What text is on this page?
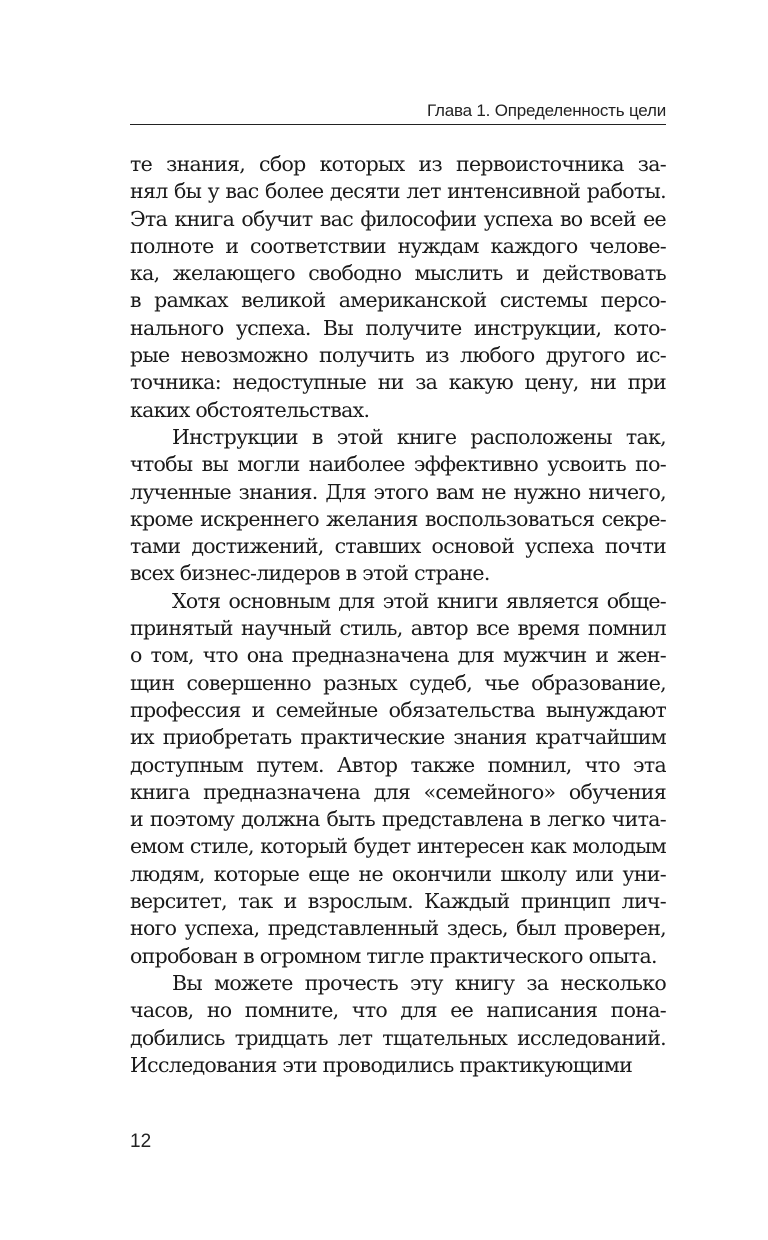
Глава 1. Определенность цели
те знания, сбор которых из первоисточника за-
нял бы у вас более десяти лет интенсивной работы.
Эта книга обучит вас философии успеха во всей ее
полноте и соответствии нуждам каждого челове-
ка, желающего свободно мыслить и действовать
в рамках великой американской системы персо-
нального успеха. Вы получите инструкции, кото-
рые невозможно получить из любого другого ис-
точника: недоступные ни за какую цену, ни при
каких обстоятельствах.
Инструкции в этой книге расположены так,
чтобы вы могли наиболее эффективно усвоить по-
лученные знания. Для этого вам не нужно ничего,
кроме искреннего желания воспользоваться секре-
тами достижений, ставших основой успеха почти
всех бизнес-лидеров в этой стране.
Хотя основным для этой книги является обще-
принятый научный стиль, автор все время помнил
о том, что она предназначена для мужчин и жен-
щин совершенно разных судеб, чье образование,
профессия и семейные обязательства вынуждают
их приобретать практические знания кратчайшим
доступным путем. Автор также помнил, что эта
книга предназначена для «семейного» обучения
и поэтому должна быть представлена в легко чита-
емом стиле, который будет интересен как молодым
людям, которые еще не окончили школу или уни-
верситет, так и взрослым. Каждый принцип лич-
ного успеха, представленный здесь, был проверен,
опробован в огромном тигле практического опыта.
Вы можете прочесть эту книгу за несколько
часов, но помните, что для ее написания пона-
добились тридцать лет тщательных исследований.
Исследования эти проводились практикующими
12
